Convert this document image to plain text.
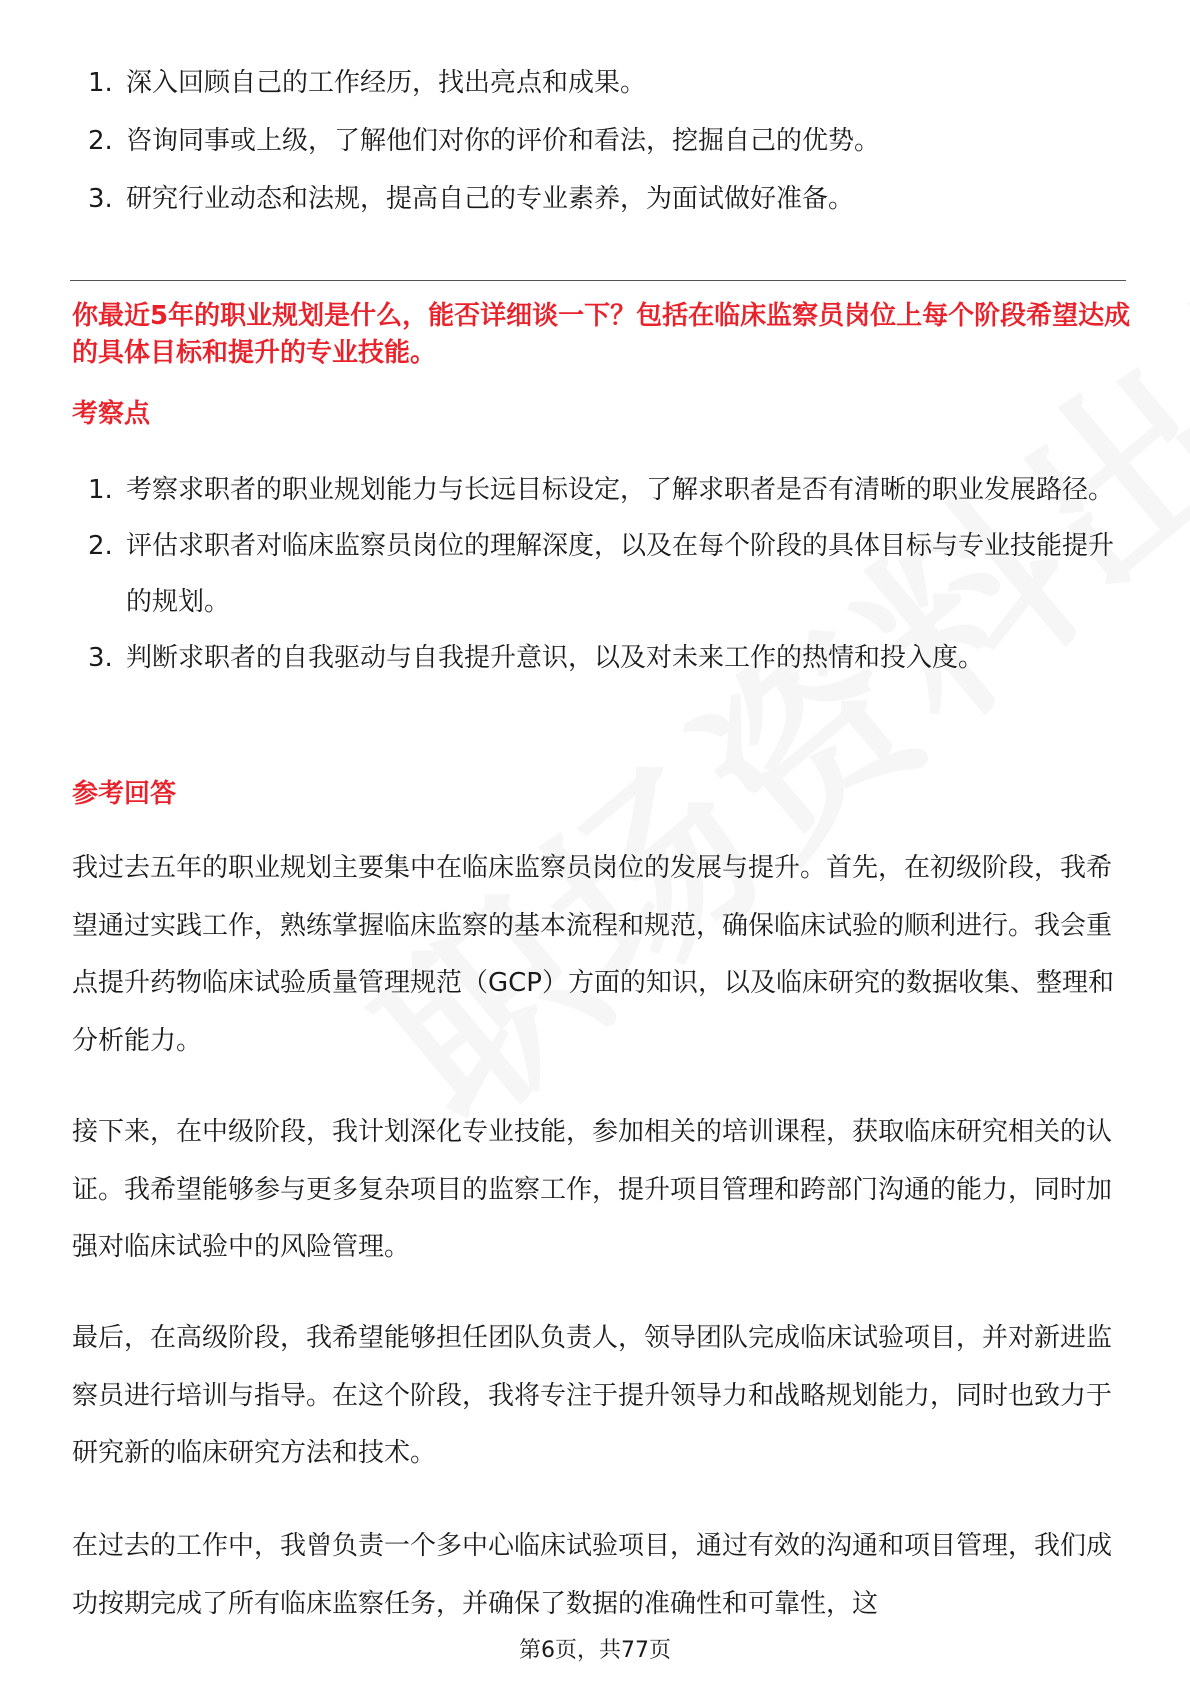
1. 深入回顾自己的工作经历，找出亮点和成果。
2. 咨询同事或上级，了解他们对你的评价和看法，挖掘自己的优势。
3. 研究行业动态和法规，提高自己的专业素养，为面试做好准备。

你最近5年的职业规划是什么，能否详细谈一下？包括在临床监察员岗位上每个阶段希望达成的具体目标和提升的专业技能。

考察点
1. 考察求职者的职业规划能力与长远目标设定，了解求职者是否有清晰的职业发展路径。
2. 评估求职者对临床监察员岗位的理解深度，以及在每个阶段的具体目标与专业技能提升的规划。
3. 判断求职者的自我驱动与自我提升意识，以及对未来工作的热情和投入度。
参考回答

我过去五年的职业规划主要集中在临床监察员岗位的发展与提升。首先，在初级阶段，我希望通过实践工作，熟练掌握临床监察的基本流程和规范，确保临床试验的顺利进行。我会重点提升药物临床试验质量管理规范（GCP）方面的知识，以及临床研究的数据收集、整理和分析能力。

接下来，在中级阶段，我计划深化专业技能，参加相关的培训课程，获取临床研究相关的认证。我希望能够参与更多复杂项目的监察工作，提升项目管理和跨部门沟通的能力，同时加强对临床试验中的风险管理。

最后，在高级阶段，我希望能够担任团队负责人，领导团队完成临床试验项目，并对新进监察员进行培训与指导。在这个阶段，我将专注于提升领导力和战略规划能力，同时也致力于研究新的临床研究方法和技术。

在过去的工作中，我曾负责一个多中心临床试验项目，通过有效的沟通和项目管理，我们成功按期完成了所有临床监察任务，并确保了数据的准确性和可靠性，这

第6页，共77页
